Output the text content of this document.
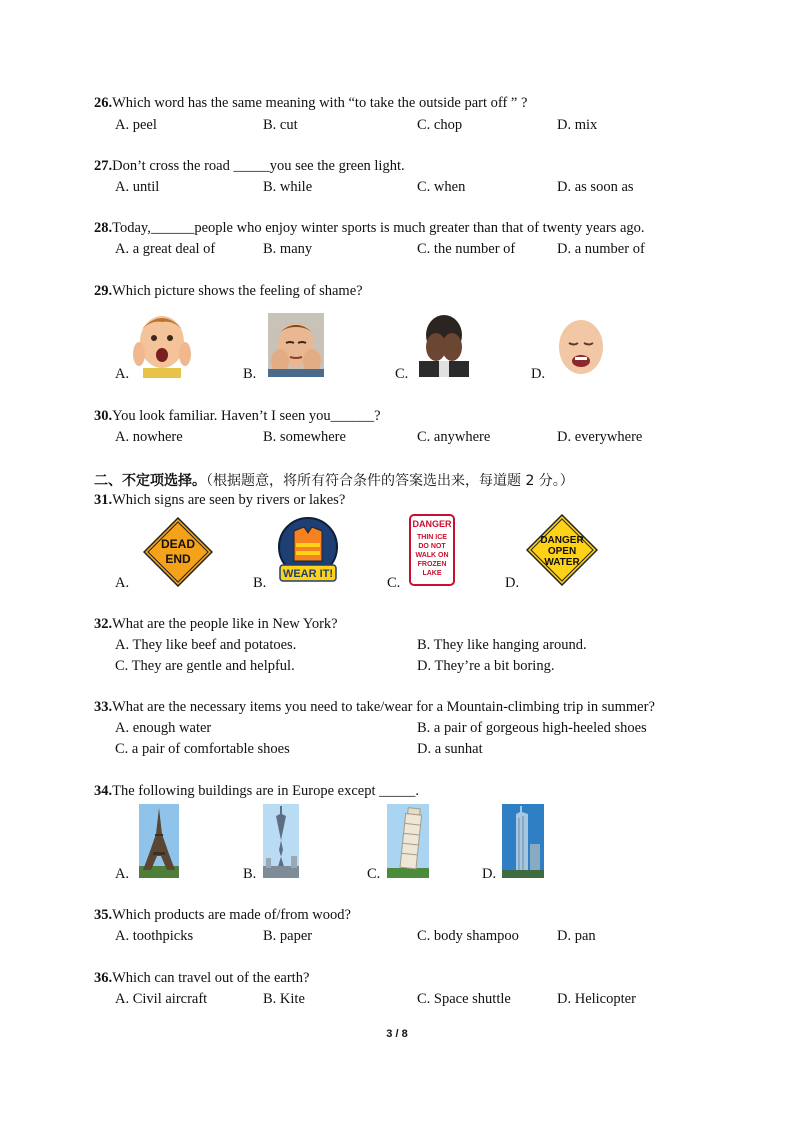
26.Which word has the same meaning with “to take the outside part off ” ?
A. peel	B. cut	C. chop	D. mix
27.Don’t cross the road _____you see the green light.
A. until	B. while	C. when	D. as soon as
28.Today,______people who enjoy winter sports is much greater than that of twenty years ago.
A. a great deal of	B. many	C. the number of	D. a number of
29.Which picture shows the feeling of shame?
A.	B.	C.	D.
30.You look familiar. Haven’t I seen you______?
A. nowhere	B. somewhere	C. anywhere	D. everywhere
二、不定项选择。（根据题意，将所有符合条件的答案选出来，每道题 2 分。）
31.Which signs are seen by rivers or lakes?
A.	B.	C.	D.
DEAD
END
WEAR IT!
DANGER
THIN ICE
DO NOT
WALK ON
FROZEN
LAKE
DANGER
OPEN
WATER
32.What are the people like in New York?
A. They like beef and potatoes.	B. They like hanging around.
C. They are gentle and helpful.	D. They’re a bit boring.
33.What are the necessary items you need to take/wear for a Mountain-climbing trip in summer?
A. enough water	B. a pair of gorgeous high-heeled shoes
C. a pair of comfortable shoes	D. a sunhat
34.The following buildings are in Europe except _____.
A.	B.	C.	D.
35.Which products are made of/from wood?
A. toothpicks	B. paper	C. body shampoo	D. pan
36.Which can travel out of the earth?
A. Civil aircraft	B. Kite	C. Space shuttle	D. Helicopter
3 / 8
